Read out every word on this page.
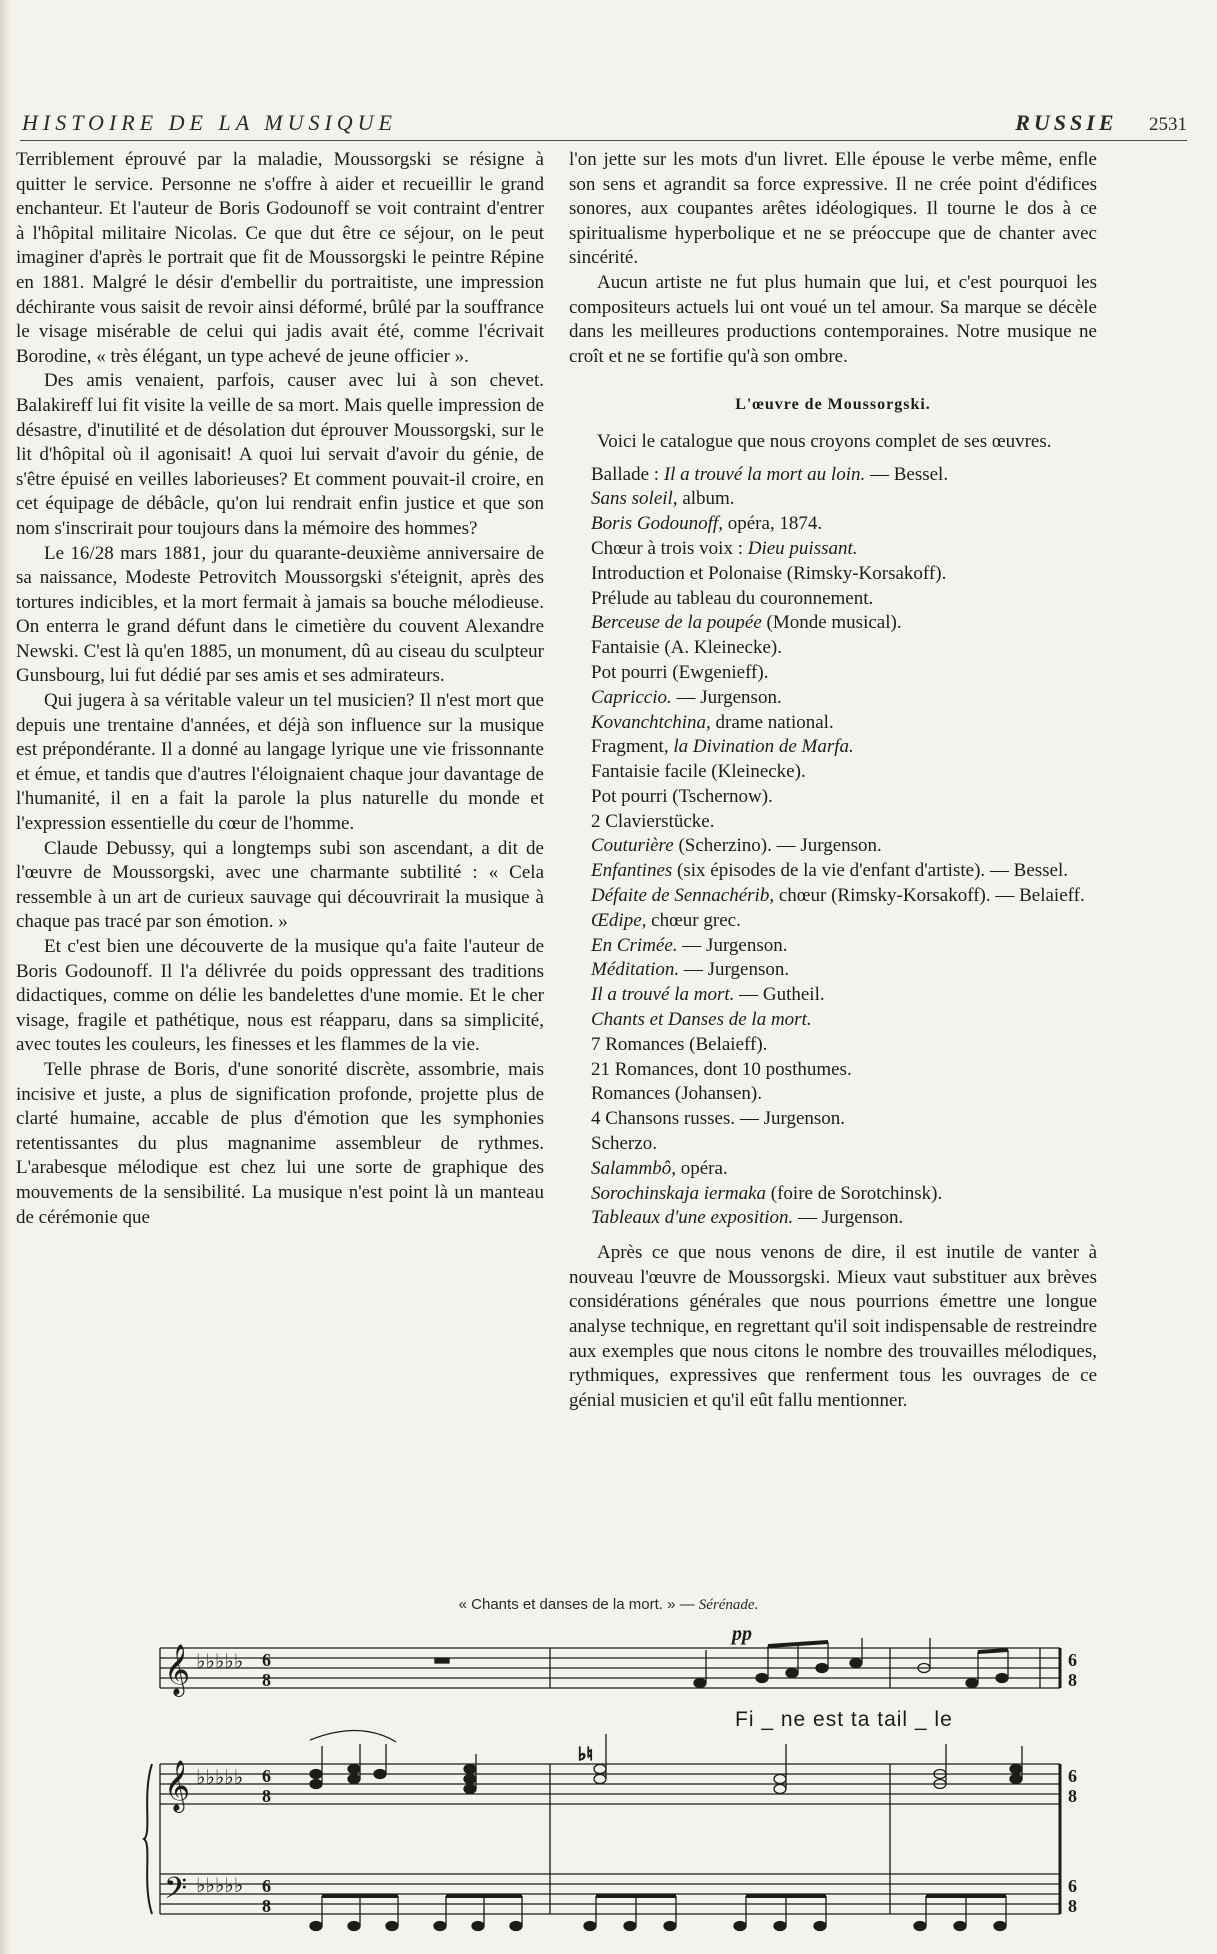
HISTOIRE DE LA MUSIQUE	RUSSIE 2531

Terriblement éprouvé par la maladie, Moussorgski se résigne à quitter le service. Personne ne s'offre à aider et recueillir le grand enchanteur. Et l'auteur de Boris Godounoff se voit contraint d'entrer à l'hôpital militaire Nicolas. Ce que dut être ce séjour, on le peut imaginer d'après le portrait que fit de Moussorgski le peintre Répine en 1881. Malgré le désir d'embellir du portraitiste, une impression déchirante vous saisit de revoir ainsi déformé, brûlé par la souffrance le visage misérable de celui qui jadis avait été, comme l'écrivait Borodine, « très élégant, un type achevé de jeune officier ».

Des amis venaient, parfois, causer avec lui à son chevet. Balakireff lui fit visite la veille de sa mort. Mais quelle impression de désastre, d'inutilité et de désolation dut éprouver Moussorgski, sur le lit d'hôpital où il agonisait! A quoi lui servait d'avoir du génie, de s'être épuisé en veilles laborieuses? Et comment pouvait-il croire, en cet équipage de débâcle, qu'on lui rendrait enfin justice et que son nom s'inscrirait pour toujours dans la mémoire des hommes?

Le 16/28 mars 1881, jour du quarante-deuxième anniversaire de sa naissance, Modeste Petrovitch Moussorgski s'éteignit, après des tortures indicibles, et la mort fermait à jamais sa bouche mélodieuse. On enterra le grand défunt dans le cimetière du couvent Alexandre Newski. C'est là qu'en 1885, un monument, dû au ciseau du sculpteur Gunsbourg, lui fut dédié par ses amis et ses admirateurs.

Qui jugera à sa véritable valeur un tel musicien? Il n'est mort que depuis une trentaine d'années, et déjà son influence sur la musique est prépondérante. Il a donné au langage lyrique une vie frissonnante et émue, et tandis que d'autres l'éloignaient chaque jour davantage de l'humanité, il en a fait la parole la plus naturelle du monde et l'expression essentielle du cœur de l'homme.

Claude Debussy, qui a longtemps subi son ascendant, a dit de l'œuvre de Moussorgski, avec une charmante subtilité : « Cela ressemble à un art de curieux sauvage qui découvrirait la musique à chaque pas tracé par son émotion. »

Et c'est bien une découverte de la musique qu'a faite l'auteur de Boris Godounoff. Il l'a délivrée du poids oppressant des traditions didactiques, comme on délie les bandelettes d'une momie. Et le cher visage, fragile et pathétique, nous est réapparu, dans sa simplicité, avec toutes les couleurs, les finesses et les flammes de la vie.

Telle phrase de Boris, d'une sonorité discrète, assombrie, mais incisive et juste, a plus de signification profonde, projette plus de clarté humaine, accable de plus d'émotion que les symphonies retentissantes du plus magnanime assembleur de rythmes. L'arabesque mélodique est chez lui une sorte de graphique des mouvements de la sensibilité. La musique n'est point là un manteau de cérémonie que

l'on jette sur les mots d'un livret. Elle épouse le verbe même, enfle son sens et agrandit sa force expressive. Il ne crée point d'édifices sonores, aux coupantes arêtes idéologiques. Il tourne le dos à ce spiritualisme hyperbolique et ne se préoccupe que de chanter avec sincérité.

Aucun artiste ne fut plus humain que lui, et c'est pourquoi les compositeurs actuels lui ont voué un tel amour. Sa marque se décèle dans les meilleures productions contemporaines. Notre musique ne croît et ne se fortifie qu'à son ombre.

L'œuvre de Moussorgski.

Voici le catalogue que nous croyons complet de ses œuvres.

Ballade : Il a trouvé la mort au loin. — Bessel.
Sans soleil, album.
Boris Godounoff, opéra, 1874.
Chœur à trois voix : Dieu puissant.
Introduction et Polonaise (Rimsky-Korsakoff).
Prélude au tableau du couronnement.
Berceuse de la poupée (Monde musical).
Fantaisie (A. Kleinecke).
Pot pourri (Ewgenieff).
Capriccio. — Jurgenson.
Kovanchtchina, drame national.
Fragment, la Divination de Marfa.
Fantaisie facile (Kleinecke).
Pot pourri (Tschernow).
2 Clavierstücke.
Couturière (Scherzino). — Jurgenson.
Enfantines (six épisodes de la vie d'enfant d'artiste). — Bessel.
Défaite de Sennachérib, chœur (Rimsky-Korsakoff). — Belaieff.
Œdipe, chœur grec.
En Crimée. — Jurgenson.
Méditation. — Jurgenson.
Il a trouvé la mort. — Gutheil.
Chants et Danses de la mort.
7 Romances (Belaieff).
21 Romances, dont 10 posthumes.
Romances (Johansen).
4 Chansons russes. — Jurgenson.
Scherzo.
Salammbô, opéra.
Sorochinskaja iermaka (foire de Sorotchinsk).
Tableaux d'une exposition. — Jurgenson.

Après ce que nous venons de dire, il est inutile de vanter à nouveau l'œuvre de Moussorgski. Mieux vaut substituer aux brèves considérations générales que nous pourrions émettre une longue analyse technique, en regrettant qu'il soit indispensable de restreindre aux exemples que nous citons le nombre des trouvailles mélodiques, rythmiques, expressives que renferment tous les ouvrages de ce génial musicien et qu'il eût fallu mentionner.

« Chants et danses de la mort. » — Sérénade.
𝄞
𝄞
𝄢
♭♭♭♭♭
♭♭♭♭♭
♭♭♭♭♭
6
8
6
8
6
8
6
8
6
8
6
8
pp
Fi _ ne est ta tail _ le
♭♮
